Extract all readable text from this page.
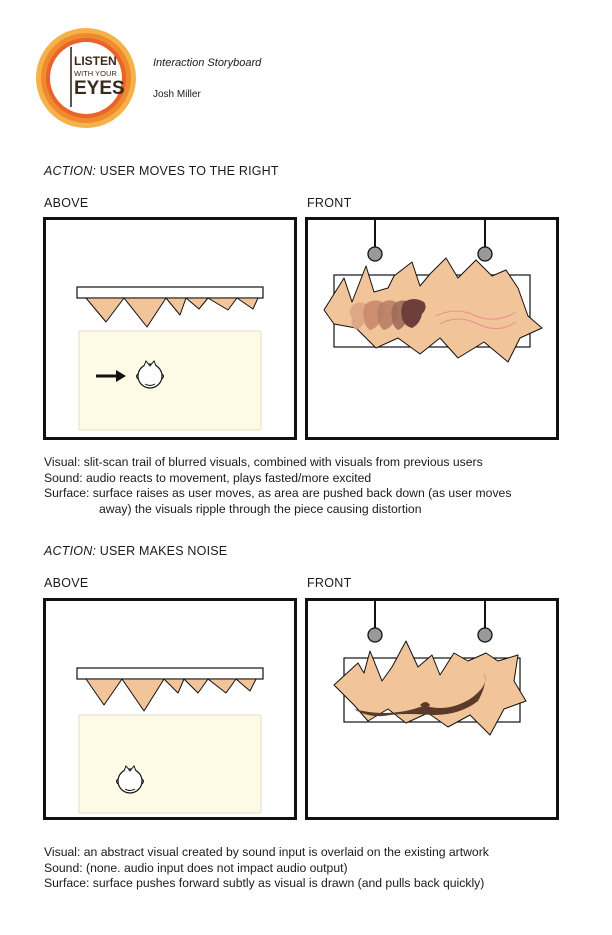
LISTEN
WITH YOUR
EYES
Interaction Storyboard
Josh Miller
ACTION: USER MOVES TO THE RIGHT
ABOVE	FRONT

Visual: slit-scan trail of blurred visuals, combined with visuals from previous users

Sound: audio reacts to movement, plays fasted/more excited

Surface: surface raises as user moves, as area are pushed back down (as user moves

away) the visuals ripple through the piece causing distortion

ACTION: USER MAKES NOISE
ABOVE	FRONT

Visual: an abstract visual created by sound input is overlaid on the existing artwork

Sound: (none. audio input does not impact audio output)

Surface: surface pushes forward subtly as visual is drawn (and pulls back quickly)
